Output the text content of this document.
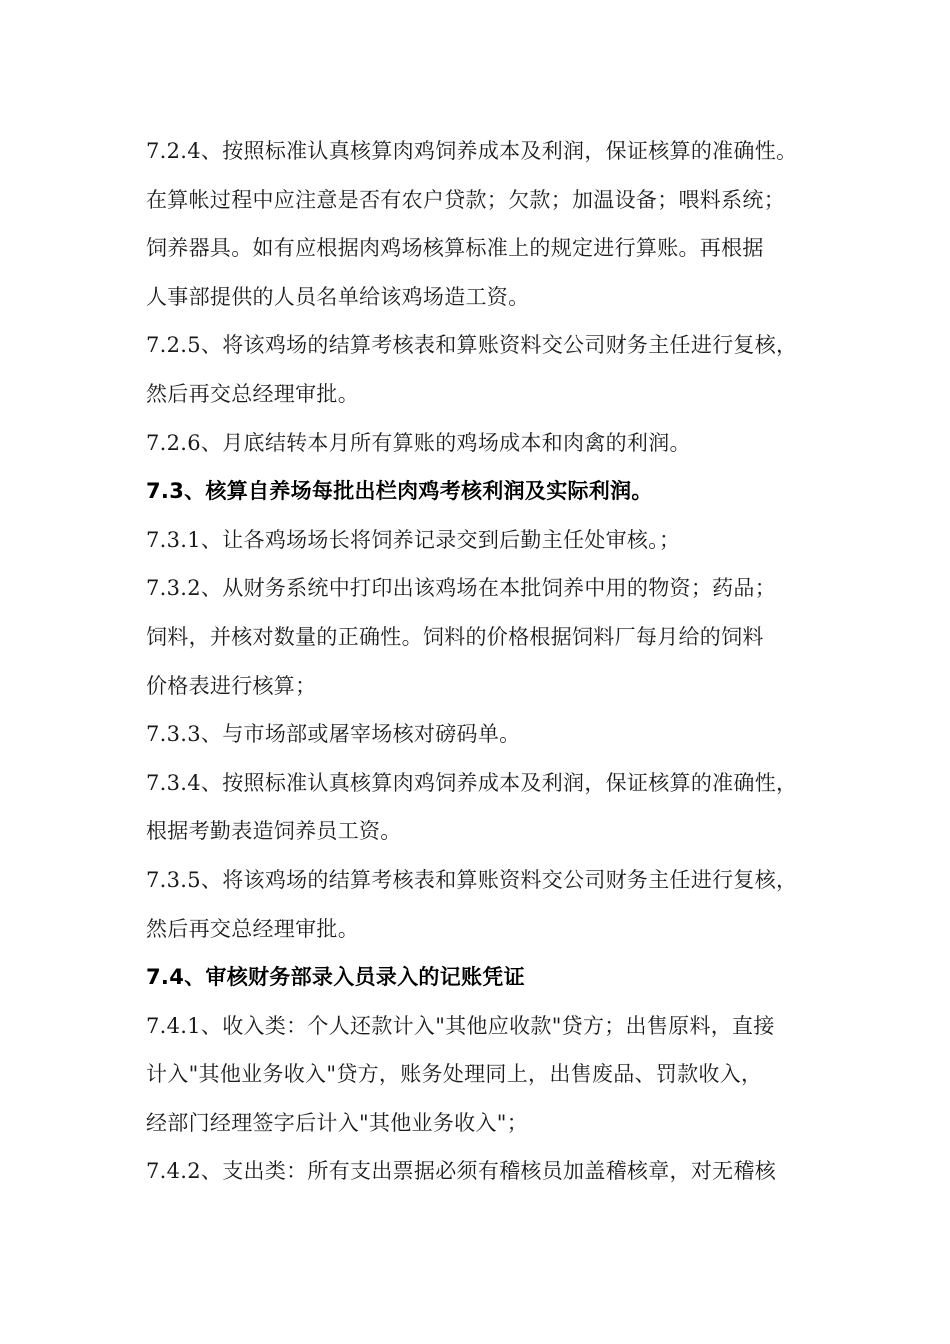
7.2.4、按照标准认真核算肉鸡饲养成本及利润，保证核算的准确性。
在算帐过程中应注意是否有农户贷款；欠款；加温设备；喂料系统；
饲养器具。如有应根据肉鸡场核算标准上的规定进行算账。再根据
人事部提供的人员名单给该鸡场造工资。
7.2.5、将该鸡场的结算考核表和算账资料交公司财务主任进行复核，
然后再交总经理审批。
7.2.6、月底结转本月所有算账的鸡场成本和肉禽的利润。
7.3、核算自养场每批出栏肉鸡考核利润及实际利润。
7.3.1、让各鸡场场长将饲养记录交到后勤主任处审核。；
7.3.2、从财务系统中打印出该鸡场在本批饲养中用的物资；药品；
饲料，并核对数量的正确性。饲料的价格根据饲料厂每月给的饲料
价格表进行核算；
7.3.3、与市场部或屠宰场核对磅码单。
7.3.4、按照标准认真核算肉鸡饲养成本及利润，保证核算的准确性，
根据考勤表造饲养员工资。
7.3.5、将该鸡场的结算考核表和算账资料交公司财务主任进行复核，
然后再交总经理审批。
7.4、审核财务部录入员录入的记账凭证
7.4.1、收入类：个人还款计入"其他应收款"贷方；出售原料，直接
计入"其他业务收入"贷方，账务处理同上，出售废品、罚款收入，
经部门经理签字后计入"其他业务收入"；
7.4.2、支出类：所有支出票据必须有稽核员加盖稽核章，对无稽核
